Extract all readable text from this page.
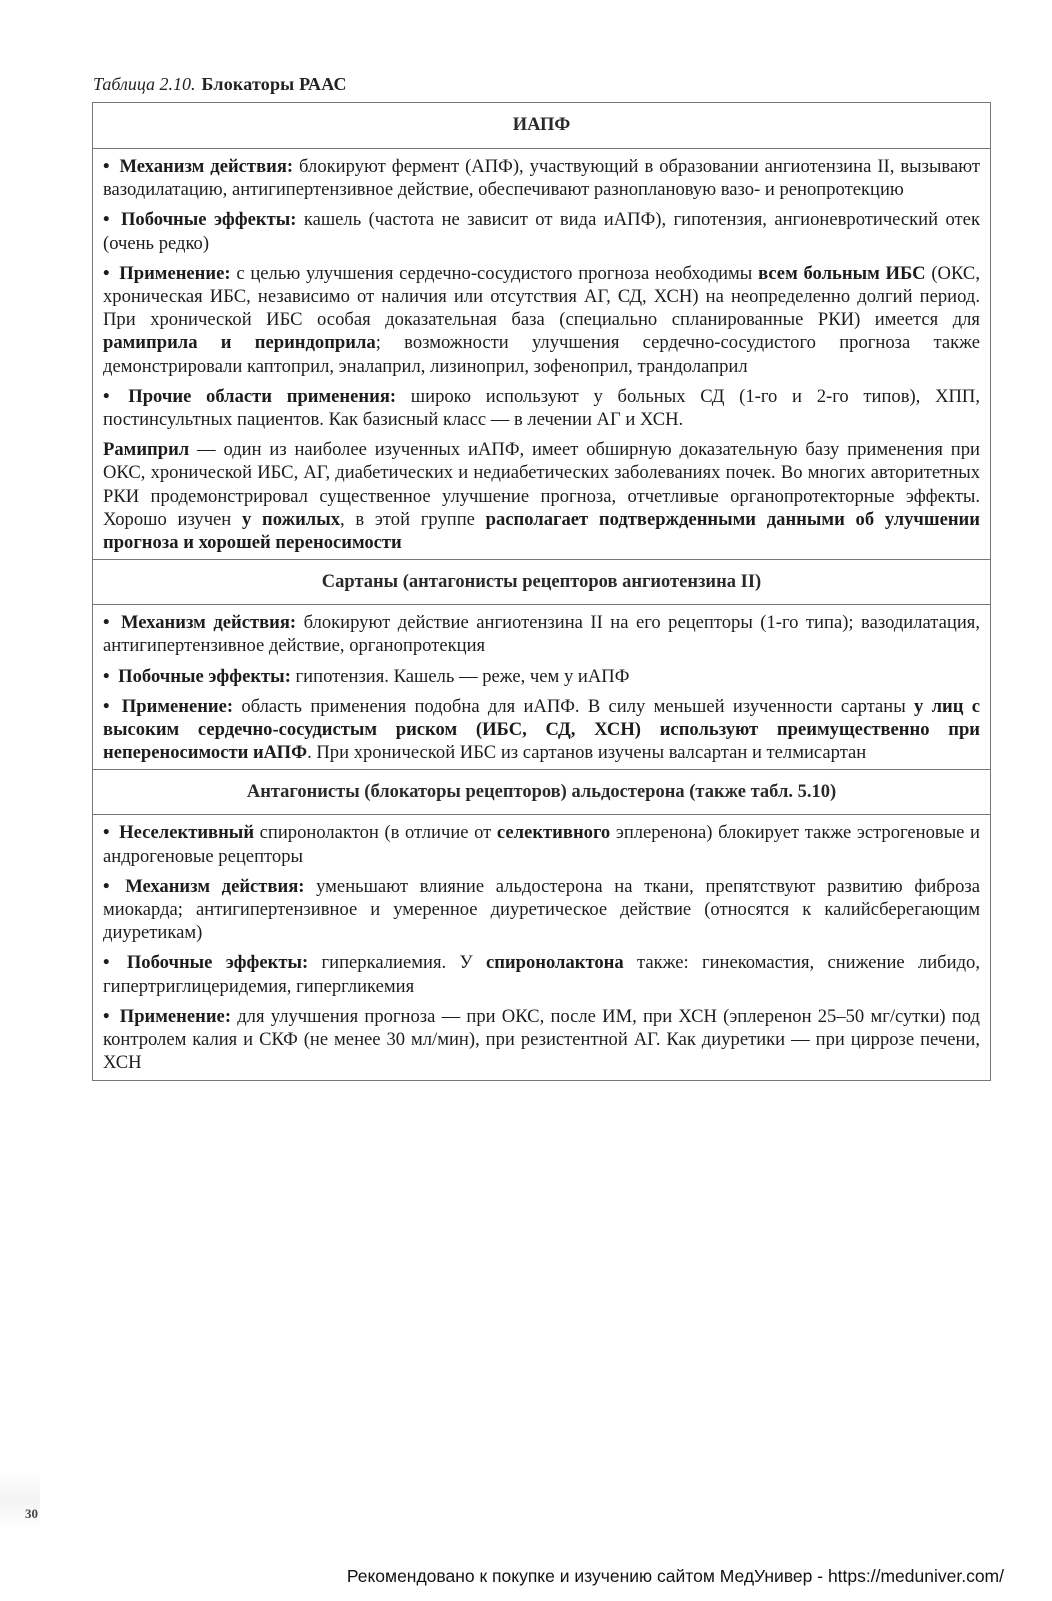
Таблица 2.10. Блокаторы РААС
ИАПФ

• Механизм действия: блокируют фермент (АПФ), участвующий в образовании ангиотензина II, вызывают вазодилатацию, антигипертензивное действие, обеспечивают разноплановую вазо- и ренопротекцию

• Побочные эффекты: кашель (частота не зависит от вида иАПФ), гипотензия, ангионевротический отек (очень редко)

• Применение: с целью улучшения сердечно-сосудистого прогноза необходимы всем больным ИБС (ОКС, хроническая ИБС, независимо от наличия или отсутствия АГ, СД, ХСН) на неопределенно долгий период. При хронической ИБС особая доказательная база (специально спланированные РКИ) имеется для рамиприла и периндоприла; возможности улучшения сердечно-сосудистого прогноза также демонстрировали каптоприл, эналаприл, лизиноприл, зофеноприл, трандолаприл

• Прочие области применения: широко используют у больных СД (1-го и 2-го типов), ХПП, постинсультных пациентов. Как базисный класс — в лечении АГ и ХСН.

Рамиприл — один из наиболее изученных иАПФ, имеет обширную доказательную базу применения при ОКС, хронической ИБС, АГ, диабетических и недиабетических заболеваниях почек. Во многих авторитетных РКИ продемонстрировал существенное улучшение прогноза, отчетливые органопротекторные эффекты. Хорошо изучен у пожилых, в этой группе располагает подтвержденными данными об улучшении прогноза и хорошей переносимости

Сартаны (антагонисты рецепторов ангиотензина II)

• Механизм действия: блокируют действие ангиотензина II на его рецепторы (1-го типа); вазодилатация, антигипертензивное действие, органопротекция

• Побочные эффекты: гипотензия. Кашель — реже, чем у иАПФ

• Применение: область применения подобна для иАПФ. В силу меньшей изученности сартаны у лиц с высоким сердечно-сосудистым риском (ИБС, СД, ХСН) используют преимущественно при непереносимости иАПФ. При хронической ИБС из сартанов изучены валсартан и телмисартан

Антагонисты (блокаторы рецепторов) альдостерона (также табл. 5.10)

• Неселективный спиронолактон (в отличие от селективного эплеренона) блокирует также эстрогеновые и андрогеновые рецепторы

• Механизм действия: уменьшают влияние альдостерона на ткани, препятствуют развитию фиброза миокарда; антигипертензивное и умеренное диуретическое действие (относятся к калийсберегающим диуретикам)

• Побочные эффекты: гиперкалиемия. У спиронолактона также: гинекомастия, снижение либидо, гипертриглицеридемия, гипергликемия

• Применение: для улучшения прогноза — при ОКС, после ИМ, при ХСН (эплеренон 25–50 мг/сутки) под контролем калия и СКФ (не менее 30 мл/мин), при резистентной АГ. Как диуретики — при циррозе печени, ХСН

30
Рекомендовано к покупке и изучению сайтом МедУнивер - https://meduniver.com/
